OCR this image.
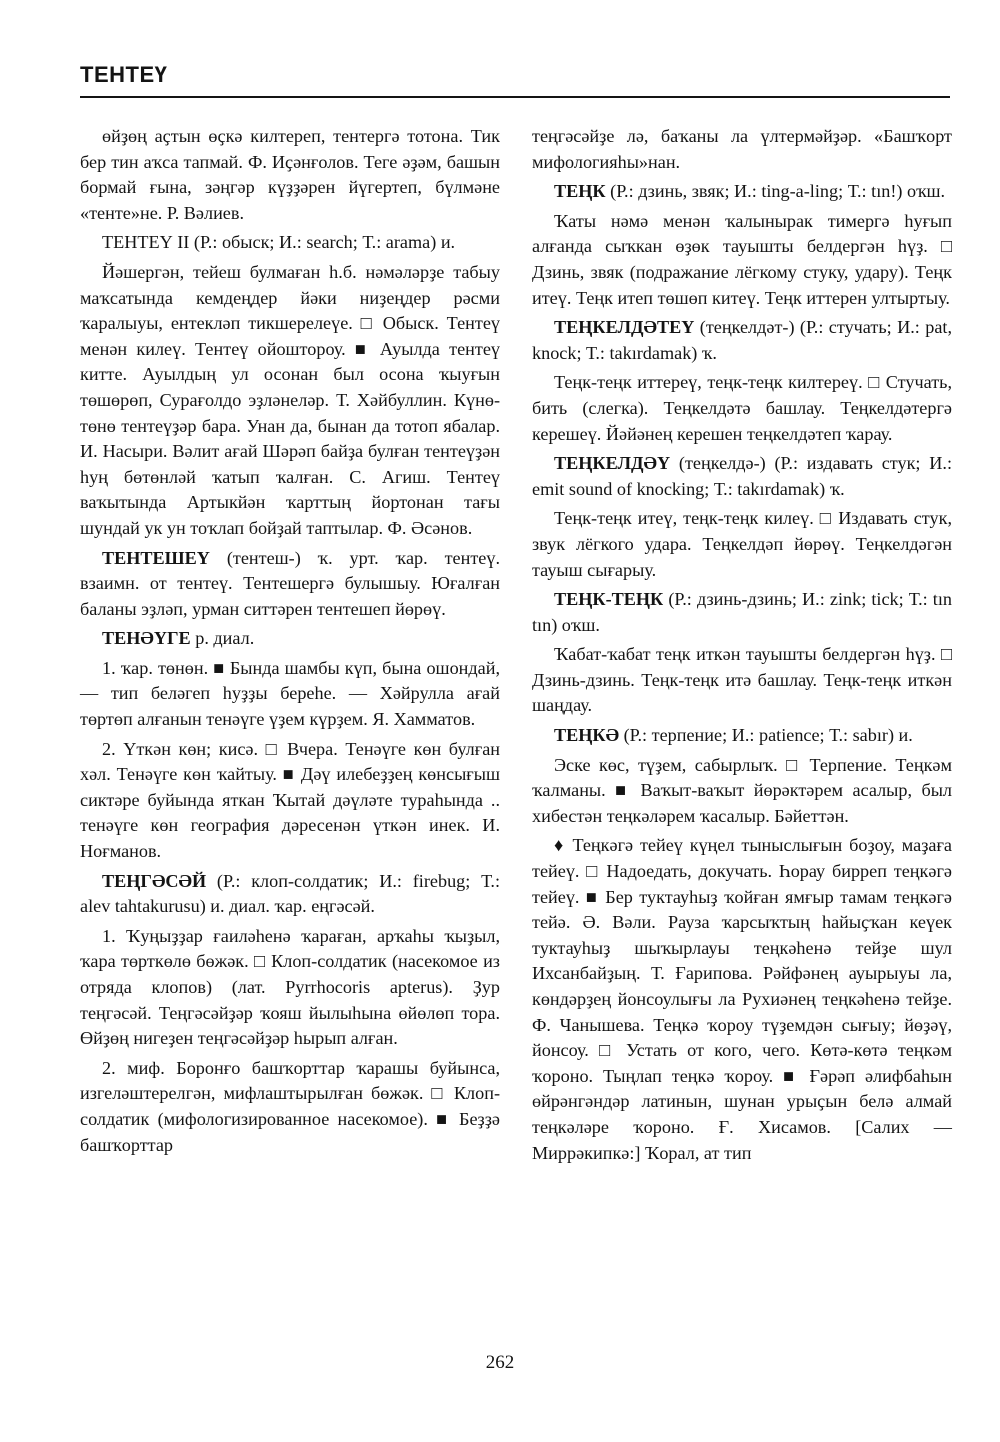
ТЕНТЕҮ

өйҙөң аҫтын өҫкә килтереп, тентергә тотона. Тик бер тин аҡса тапмай. Ф. Иҫәнғолов. Теге әҙәм, башын бормай ғына, зәңгәр күҙҙәрен йүгертеп, бүлмәне «тенте»не. Р. Вәлиев.

ТЕНТЕҮ II (Р.: обыск; И.: search; Т.: arama) и.

Йәшергән, тейеш булмаған һ.б. нәмәләрҙе табыу маҡсатында кемдеңдер йәки ниҙеңдер рәсми ҡаралыуы, ентекләп тикшерелеүе. □ Обыск. Тентеү менән килеү. Тентеү ойоштороу. ■ Ауылда тентеү китте. Ауылдың ул осонан был осона ҡыуғын төшөрөп, Сурағолдо эҙләнеләр. Т. Хәйбуллин. Күнө-төнө тентеүҙәр бара. Унан да, бынан да тотоп ябалар. И. Насыри. Вәлит ағай Шәрәп байҙа булған тентеүҙән һуң бөтөнләй ҡатып ҡалған. С. Агиш. Тентеү ваҡытында Артыкйән ҡарттың йортонан тағы шундай ук ун тоҡлап бойҙай таптылар. Ф. Әсәнов.

ТЕНТЕШЕҮ (тентеш-) ҡ. урт. ҡар. тентеү. взаимн. от тентеү. Тентешергә булышыу. Юғалған баланы эҙләп, урман ситтәрен тентешеп йөрөү.

ТЕНӘҮГЕ р. диал.

1. ҡар. төнөн. ■ Бында шамбы күп, бына ошондай, — тип беләгеп һуҙҙы береһе. — Хәйрулла ағай төртөп алғанын тенәүге үҙем күрҙем. Я. Хамматов.

2. Үткән көн; кисә. □ Вчера. Тенәүге көн булған хәл. Тенәүге көн ҡайтыу. ■ Дәү илебеҙҙең көнсығыш сиктәре буйында яткан Ҡытай дәүләте тураһында .. тенәүге көн география дәресенән үткән инек. И. Ноғманов.

ТЕҢГӘСӘЙ (Р.: клоп-солдатик; И.: firebug; Т.: alev tahtakurusu) и. диал. ҡар. еңгәсәй.

1. Ҡуңыҙҙар ғаиләһенә ҡараған, арҡаһы ҡыҙыл, ҡара төрткөлө бөжәк. □ Клоп-солдатик (насекомое из отряда клопов) (лат. Pyrrhocoris apterus). Ҙур теңгәсәй. Теңгәсәйҙәр ҡояш йылыһына өйөлөп тора. Өйҙөң нигеҙен теңгәсәйҙәр һырып алған.

2. миф. Боронғо башҡорттар ҡарашы буйынса, изгеләштерелгән, мифлаштырылған бөжәк. □ Клоп-солдатик (мифологизированное насекомое). ■ Беҙҙә башҡорттар

теңгәсәйҙе лә, баҡаны ла үлтермәйҙәр. «Башҡорт мифологияһы»нан.

ТЕҢК (Р.: дзинь, звяк; И.: ting-a-ling; Т.: tın!) оҡш.

Ҡаты нәмә менән ҡалынырак тимергә һуғып алғанда сыҡкан өҙөк тауышты белдергән һүҙ. □ Дзинь, звяк (подражание лёгкому стуку, удару). Теңк итеү. Теңк итеп төшөп китеү. Теңк иттерен ултыртыу.

ТЕҢКЕЛДӘТЕҮ (теңкелдәт-) (Р.: стучать; И.: pat, knock; Т.: takırdamak) ҡ.

Теңк-теңк иттереү, теңк-теңк килтереү. □ Стучать, бить (слегка). Теңкелдәтә башлау. Теңкелдәтергә керешеү. Йәйәнең керешен теңкелдәтеп ҡарау.

ТЕҢКЕЛДӘҮ (теңкелдә-) (Р.: издавать стук; И.: emit sound of knocking; Т.: takırdamak) ҡ.

Теңк-теңк итеү, теңк-теңк килеү. □ Издавать стук, звук лёгкого удара. Теңкелдәп йөрөү. Теңкелдәгән тауыш сығарыу.

ТЕҢК-ТЕҢК (Р.: дзинь-дзинь; И.: zink; tick; Т.: tın tın) оҡш.

Ҡабат-ҡабат теңк иткән тауышты белдергән һүҙ. □ Дзинь-дзинь. Теңк-теңк итә башлау. Теңк-теңк иткән шаңдау.

ТЕҢКӘ (Р.: терпение; И.: patience; Т.: sabır) и.

Эске көс, түҙем, сабырлыҡ. □ Терпение. Теңкәм ҡалманы. ■ Ваҡыт-ваҡыт йөрәктәрем асалыр, был хибестән теңкәләрем ҡасалыр. Бәйеттән.

♦ Теңкәгә тейеү күңел тыныслығын боҙоу, маҙаға тейеү. □ Надоедать, докучать. Һорау бирреп теңкәгә тейеү. ■ Бер туктауһыҙ ҡойған ямғыр тамам теңкәгә тейә. Ә. Вәли. Рауза ҡарсыҡтың һайыҫҡан кеүек туктауһыҙ шыҡырлауы теңкәһенә тейҙе шул Ихсанбайҙың. Т. Ғарипова. Рәйфәнең ауырыуы ла, көндәрҙең йонсоулығы ла Рухиәнең теңкәһенә тейҙе. Ф. Чанышева. Теңкә ҡороу түҙемдән сығыу; йөҙәү, йонсоу. □ Устать от кого, чего. Көтә-көтә теңкәм ҡороно. Тыңлап теңкә ҡороу. ■ Ғәрәп әлифбаһын өйрәнгәндәр латинын, шунан урыҫын белә алмай теңкәләре ҡороно. Ғ. Хисамов. [Салих — Миррәкипкә:] Ҡорал, ат тип

262
